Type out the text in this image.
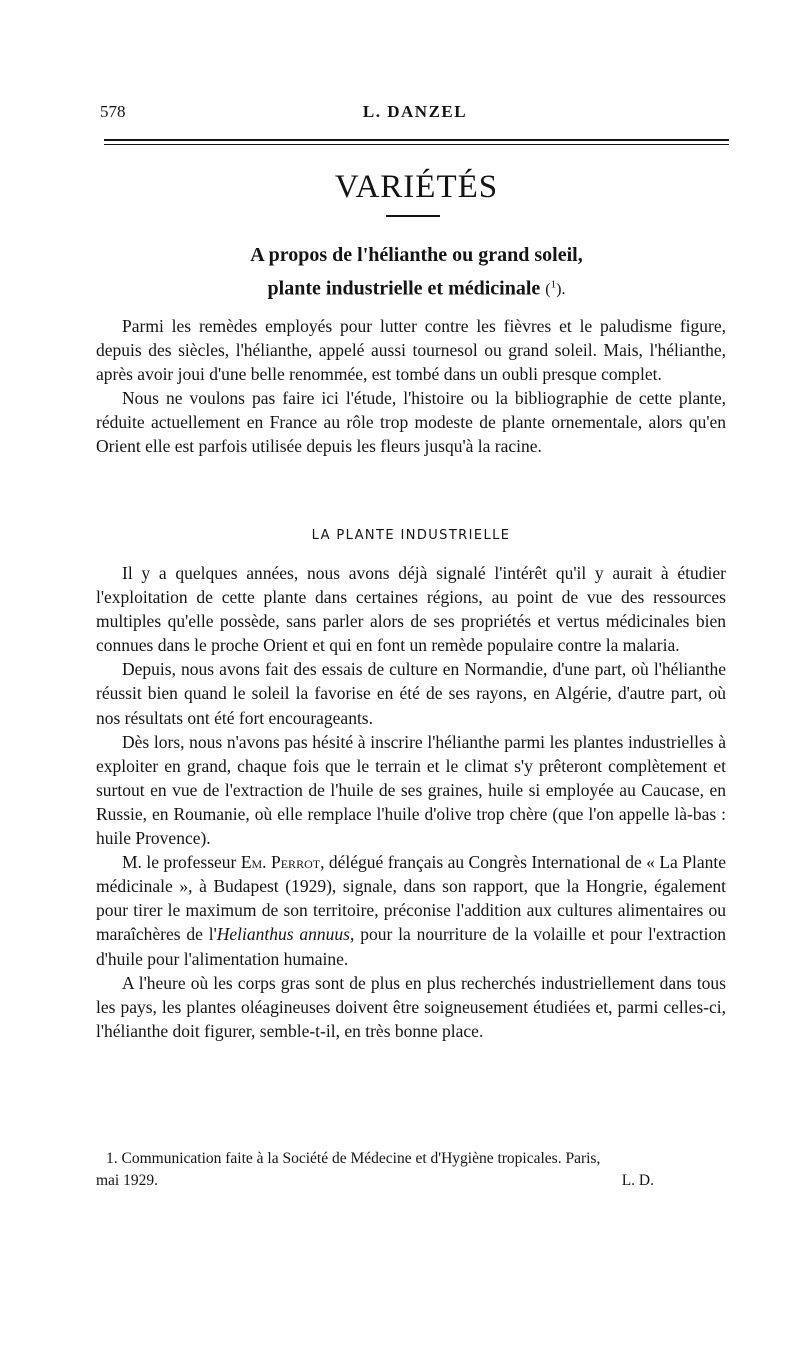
578	L. DANZEL
VARIÉTÉS
A propos de l'hélianthe ou grand soleil,
plante industrielle et médicinale ($^1$).

Parmi les remèdes employés pour lutter contre les fièvres et le paludisme figure, depuis des siècles, l'hélianthe, appelé aussi tournesol ou grand soleil. Mais, l'hélianthe, après avoir joui d'une belle renommée, est tombé dans un oubli presque complet.

Nous ne voulons pas faire ici l'étude, l'histoire ou la bibliographie de cette plante, réduite actuellement en France au rôle trop modeste de plante ornementale, alors qu'en Orient elle est parfois utilisée depuis les fleurs jusqu'à la racine.

LA PLANTE INDUSTRIELLE

Il y a quelques années, nous avons déjà signalé l'intérêt qu'il y aurait à étudier l'exploitation de cette plante dans certaines régions, au point de vue des ressources multiples qu'elle possède, sans parler alors de ses propriétés et vertus médicinales bien connues dans le proche Orient et qui en font un remède populaire contre la malaria.

Depuis, nous avons fait des essais de culture en Normandie, d'une part, où l'hélianthe réussit bien quand le soleil la favorise en été de ses rayons, en Algérie, d'autre part, où nos résultats ont été fort encourageants.

Dès lors, nous n'avons pas hésité à inscrire l'hélianthe parmi les plantes industrielles à exploiter en grand, chaque fois que le terrain et le climat s'y prêteront complètement et surtout en vue de l'extraction de l'huile de ses graines, huile si employée au Caucase, en Russie, en Roumanie, où elle remplace l'huile d'olive trop chère (que l'on appelle là-bas : huile Provence).

M. le professeur Em. Perrot, délégué français au Congrès International de « La Plante médicinale », à Budapest (1929), signale, dans son rapport, que la Hongrie, également pour tirer le maximum de son territoire, préconise l'addition aux cultures alimentaires ou maraîchères de l'Helianthus annuus, pour la nourriture de la volaille et pour l'extraction d'huile pour l'alimentation humaine.

A l'heure où les corps gras sont de plus en plus recherchés industriellement dans tous les pays, les plantes oléagineuses doivent être soigneusement étudiées et, parmi celles-ci, l'hélianthe doit figurer, semble-t-il, en très bonne place.

1. Communication faite à la Société de Médecine et d'Hygiène tropicales. Paris,
mai 1929.	L. D.
